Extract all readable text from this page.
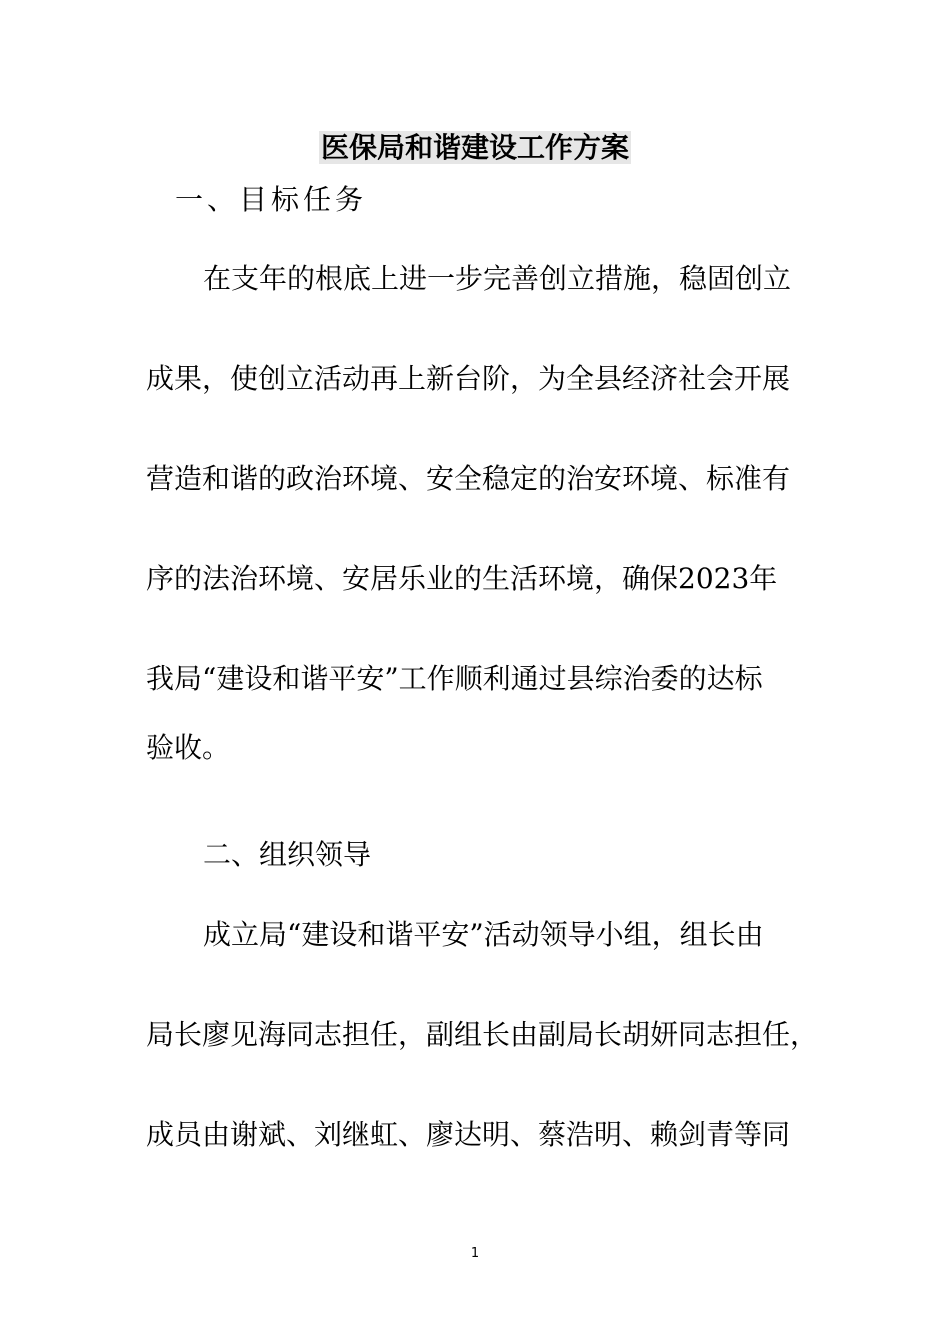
医保局和谐建设工作方案
一、目标任务
在支年的根底上进一步完善创立措施，稳固创立
成果，使创立活动再上新台阶，为全县经济社会开展
营造和谐的政治环境、安全稳定的治安环境、标准有
序的法治环境、安居乐业的生活环境，确保2023年
我局“建设和谐平安”工作顺利通过县综治委的达标
验收。
二、组织领导
成立局“建设和谐平安”活动领导小组，组长由
局长廖见海同志担任，副组长由副局长胡妍同志担任，
成员由谢斌、刘继虹、廖达明、蔡浩明、赖剑青等同
1
